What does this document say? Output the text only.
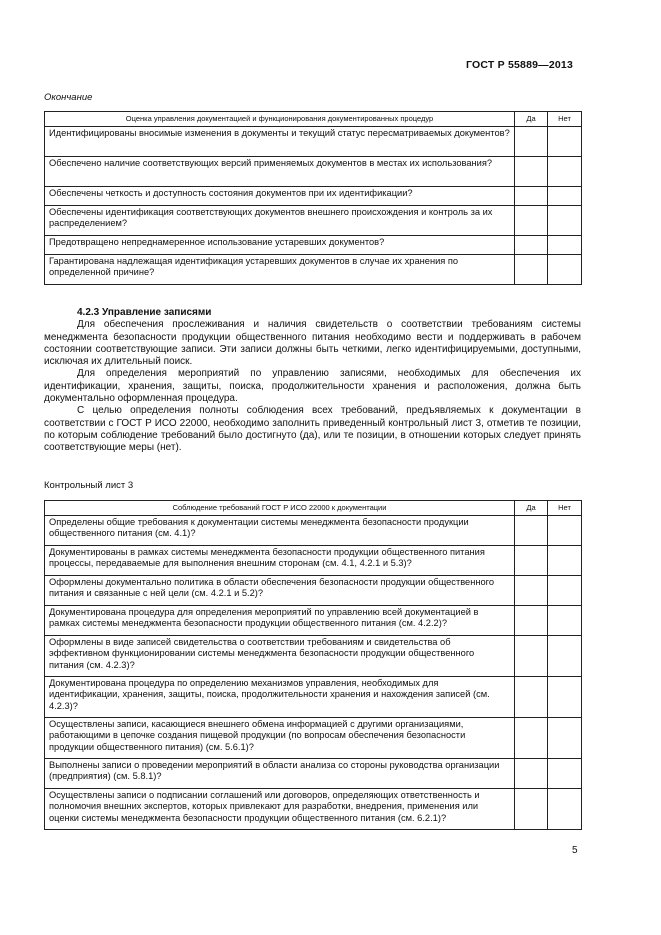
ГОСТ Р 55889—2013
Окончание
Оценка управления документацией и функционирования документированных процедур	Да	Нет
Идентифицированы вносимые изменения в документы и текущий статус пересматриваемых документов?		
Обеспечено наличие соответствующих версий применяемых документов в местах их использования?		
Обеспечены четкость и доступность состояния документов при их идентификации?		
Обеспечены идентификация соответствующих документов внешнего происхождения и контроль за их распределением?		
Предотвращено непреднамеренное использование устаревших документов?		
Гарантирована надлежащая идентификация устаревших документов в случае их хранения по определенной причине?		
4.2.3 Управление записями

Для обеспечения прослеживания и наличия свидетельств о соответствии требованиям системы менеджмента безопасности продукции общественного питания необходимо вести и поддерживать в рабочем состоянии соответствующие записи. Эти записи должны быть четкими, легко идентифицируемыми, доступными, исключая их длительный поиск.

Для определения мероприятий по управлению записями, необходимых для обеспечения их идентификации, хранения, защиты, поиска, продолжительности хранения и расположения, должна быть документально оформленная процедура.

С целью определения полноты соблюдения всех требований, предъявляемых к документации в соответствии с ГОСТ Р ИСО 22000, необходимо заполнить приведенный контрольный лист 3, отметив те позиции, по которым соблюдение требований было достигнуто (да), или те позиции, в отношении которых следует принять соответствующие меры (нет).

Контрольный лист 3
Соблюдение требований ГОСТ Р ИСО 22000 к документации	Да	Нет
Определены общие требования к документации системы менеджмента безопасности продукции общественного питания (см. 4.1)?		
Документированы в рамках системы менеджмента безопасности продукции общественного питания процессы, передаваемые для выполнения внешним сторонам (см. 4.1, 4.2.1 и 5.3)?		
Оформлены документально политика в области обеспечения безопасности продукции общественного питания и связанные с ней цели (см. 4.2.1 и 5.2)?		
Документирована процедура для определения мероприятий по управлению всей документацией в рамках системы менеджмента безопасности продукции общественного питания (см. 4.2.2)?		
Оформлены в виде записей свидетельства о соответствии требованиям и свидетельства об эффективном функционировании системы менеджмента безопасности продукции общественного питания (см. 4.2.3)?		
Документирована процедура по определению механизмов управления, необходимых для идентификации, хранения, защиты, поиска, продолжительности хранения и нахождения записей (см. 4.2.3)?		
Осуществлены записи, касающиеся внешнего обмена информацией с другими организациями, работающими в цепочке создания пищевой продукции (по вопросам обеспечения безопасности продукции общественного питания) (см. 5.6.1)?		
Выполнены записи о проведении мероприятий в области анализа со стороны руководства организации (предприятия) (см. 5.8.1)?		
Осуществлены записи о подписании соглашений или договоров, определяющих ответственность и полномочия внешних экспертов, которых привлекают для разработки, внедрения, применения или оценки системы менеджмента безопасности продукции общественного питания (см. 6.2.1)?		
5
